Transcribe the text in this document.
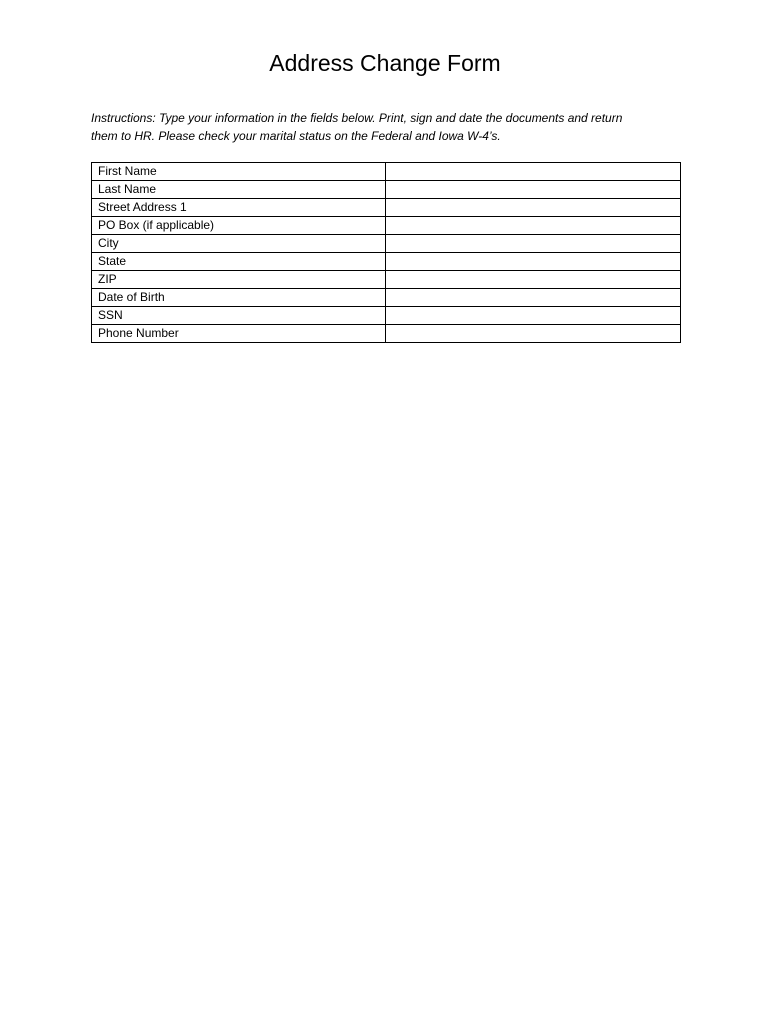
Address Change Form

Instructions: Type your information in the fields below. Print, sign and date the documents and return
them to HR. Please check your marital status on the Federal and Iowa W-4’s.

First Name	
Last Name	
Street Address 1	
PO Box (if applicable)	
City	
State	
ZIP	
Date of Birth	
SSN	
Phone Number	
